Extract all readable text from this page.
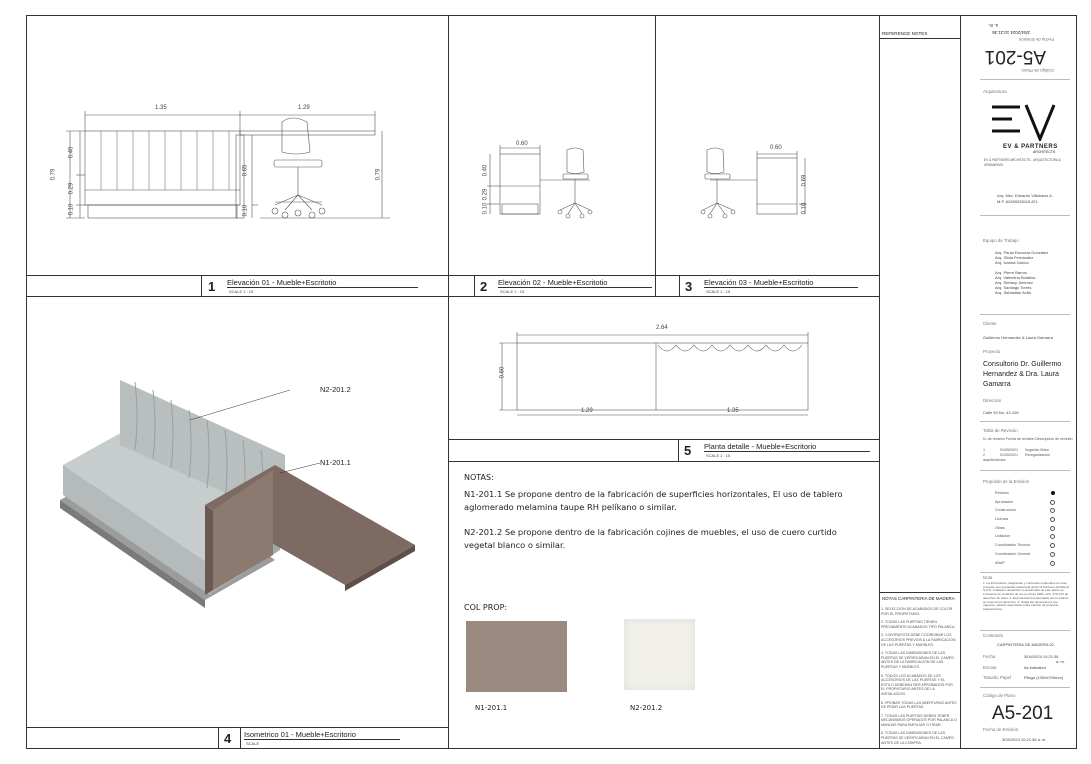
1.35	1.29
0.79
0.40
0.29
0.10
0.65
0.10
0.79
1 Elevación 01 - Mueble+Escritotio
SCALE 1 : 15
0.60
0.40
0.29
0.10
2 Elevación 02 - Mueble+Escritotio
SCALE 1 : 15
0.60
0.69
0.10
3 Elevación 03 - Mueble+Escritotio
SCALE 1 : 15
N2-201.2
N1-201.1
4 Isometrico 01 - Mueble+Escritorio
SCALE
2.64
0.60
1.29	1.35
5 Planta detalle - Mueble+Escritorio
SCALE 1 : 15
NOTAS:
N1-201.1 Se propone dentro de la fabricación de superficies horizontales, El uso de tablero aglomerado melamina taupe RH pelíkano o similar.
N2-201.2 Se propone dentro de la fabricación cojines de muebles, el uso de cuero curtido vegetal blanco o similar.
COL PROP:
N1-201.1	N2-201.2
REFERENCE NOTES
NOTAS CARPINTERIA DE MADERA
1. SELECCION DE ACABADOS DE COLOR POR EL PROPIETARIO.
2. TODAS LAS PUERTAS TIENEN PREVIAMENTE ACABADOS TIPO PALANCA.
3. CONTRATISTA DEBE COORDINAR LOS ACCESORIOS PREVIOS A LA FABRICACION DE LAS PUERTAS Y MUEBLES.
4. TODAS LAS DIMENSIONES DE LAS PUERTAS SE VERIFICARAN EN EL CAMPO ANTES DE LA FABRICACION DE LAS PUERTAS Y MUEBLES.
5. TODOS LOS ACABADOS DE LOS ACCESORIOS DE LAS PUERTAS Y EL ESTILO DEBERAN SER APROBADOS POR EL PROPIETARIO ANTES DE LA INSTALACION.
6. PROBAR TODAS LAS ABERTURAS ANTES DE PEDIR LAS PUERTAS.
7. TODAS LAS PUERTAS DEBEN TENER MECANISMOS OPERADOS POR PALANCA O MANIJAS PARA EMPUJAR O TIRAR.
8. TODAS LAS DIMENSIONES DE LAS PUERTAS SE VERIFICARAN EN EL CAMPO ANTES DE LA COMPRA.
Código de Plano
A5-201
Fecha de Emisión
3/04/2024 10:21:36
a. m.
Arquitectura
EV & PARTNERS
ARCHITECTS
EV & PARTNERS ARCHITECTS - ARQUITECTURA & URBANISMO
Arq. Msc. Eduardo Villalobos A.
M.P. A2695335116 ATL
Equipo de Trabajo
Arq. Paula Escorcia González
Arq. Silvia Fernández
Arq. Ivanna García
Arq. Pierre Barros
Arq. Valentina Bolaños
Arq. Stefany Jiménez
Arq. Santiago Torres
Arq. Sebastian Avila
Cliente
Guillermo Hernandez & Laura Gamarra
Proyecto
Consultorio Dr. Guillermo Hernandez & Dra. Laura Gamarra
Dirección
Calle 93 No. 43-105
Tabla de Revisión
N. de revisión Fecha de revisión Descripción de revisión
1	01/05/2021 Sugerido Brisa
2	01/05/2021 Reorganización arquitectónica
Propósito de la Emisión
Revisión
Aprobación
Construcción
Licencia
Obras
Licitación
Coordinación Técnica
Coordinación General
ANAP
Nota
1. La información, diagramas y contenido contenidos en este proyecto son propiedad intelectual de EV & Partners Architects S.A.S. Cualquier desarrollo no autorizado de este plano se encuentra en violación de la Ley 23 de 1982, Arts. 270-272 de derechos de autor. 2. El profesional responsable de los planos se reserva los derechos. 3. Todas las dimensiones son mayores; adición autorizada sobre cambio de proyecto arquitectónico.
Contenido
CARPINTERIA DE MADERA 02
Fecha	3/04/2024 10:21:36
a. m.
Escala	As indicated
Tamaño Papel	Pliego (1000x700mm)
Código de Plano
A5-201
Fecha de Emisión
3/04/2024 10:21:36 a. m.
